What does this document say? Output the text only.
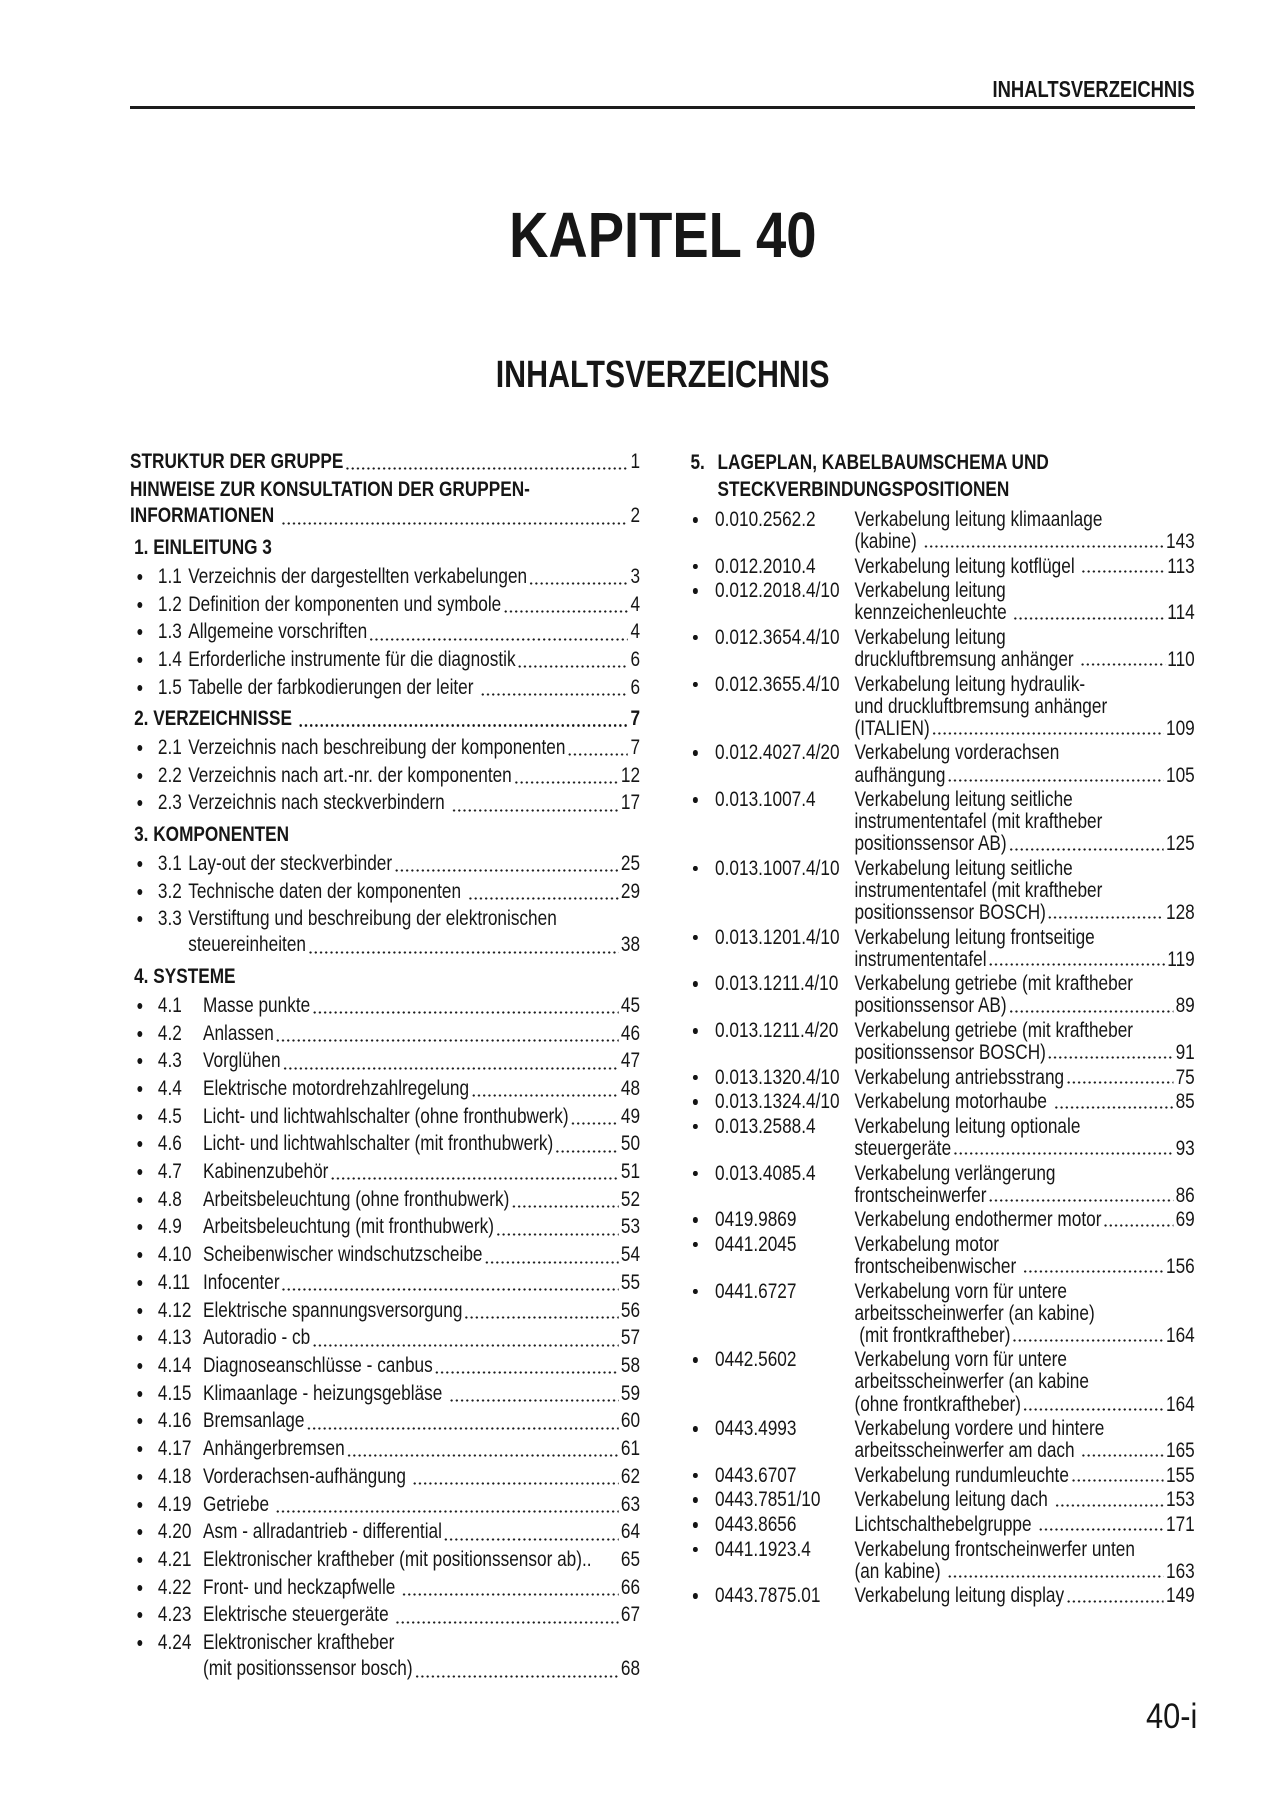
INHALTSVERZEICHNIS
KAPITEL 40
INHALTSVERZEICHNIS
STRUKTUR DER GRUPPE	1
HINWEISE ZUR KONSULTATION DER GRUPPEN-
INFORMATIONEN	2
1. EINLEITUNG 3
1.1 Verzeichnis der dargestellten verkabelungen	3
1.2 Definition der komponenten und symbole	4
1.3 Allgemeine vorschriften	4
1.4 Erforderliche instrumente für die diagnostik	6
1.5 Tabelle der farbkodierungen der leiter	6
2. VERZEICHNISSE	7
2.1 Verzeichnis nach beschreibung der komponenten	7
2.2 Verzeichnis nach art.-nr. der komponenten	12
2.3 Verzeichnis nach steckverbindern	17
3. KOMPONENTEN
3.1 Lay-out der steckverbinder	25
3.2 Technische daten der komponenten	29
3.3 Verstiftung und beschreibung der elektronischen
steuereinheiten	38
4. SYSTEME
4.1	Masse punkte	45
4.2	Anlassen	46
4.3	Vorglühen	47
4.4	Elektrische motordrehzahlregelung	48
4.5	Licht- und lichtwahlschalter (ohne fronthubwerk) 49
4.6	Licht- und lichtwahlschalter (mit fronthubwerk)	50
4.7	Kabinenzubehör	51
4.8	Arbeitsbeleuchtung (ohne fronthubwerk)	52
4.9	Arbeitsbeleuchtung (mit fronthubwerk)	53
4.10 Scheibenwischer windschutzscheibe	54
4.11 Infocenter	55
4.12 Elektrische spannungsversorgung	56
4.13 Autoradio - cb	57
4.14 Diagnoseanschlüsse - canbus	58
4.15 Klimaanlage - heizungsgebläse	59
4.16 Bremsanlage	60
4.17 Anhängerbremsen	61
4.18 Vorderachsen-aufhängung	62
4.19 Getriebe	63
4.20 Asm - allradantrieb - differential	64
4.21 Elektronischer kraftheber (mit positionssensor ab).. 65
4.22 Front- und heckzapfwelle	66
4.23 Elektrische steuergeräte	67
4.24 Elektronischer kraftheber
(mit positionssensor bosch)	68
5. LAGEPLAN, KABELBAUMSCHEMA UND
STECKVERBINDUNGSPOSITIONEN
0.010.2562.2	Verkabelung leitung klimaanlage
(kabine)	143
0.012.2010.4	Verkabelung leitung kotflügel	113
0.012.2018.4/10 Verkabelung leitung
kennzeichenleuchte	114
0.012.3654.4/10 Verkabelung leitung
druckluftbremsung anhänger	110
0.012.3655.4/10 Verkabelung leitung hydraulik-
und druckluftbremsung anhänger
(ITALIEN)	109
0.012.4027.4/20 Verkabelung vorderachsen
aufhängung	105
0.013.1007.4	Verkabelung leitung seitliche
instrumententafel (mit kraftheber
positionssensor AB)	125
0.013.1007.4/10 Verkabelung leitung seitliche
instrumententafel (mit kraftheber
positionssensor BOSCH)	128
0.013.1201.4/10 Verkabelung leitung frontseitige
instrumententafel	119
0.013.1211.4/10 Verkabelung getriebe (mit kraftheber
positionssensor AB)	89
0.013.1211.4/20 Verkabelung getriebe (mit kraftheber
positionssensor BOSCH)	91
0.013.1320.4/10 Verkabelung antriebsstrang	75
0.013.1324.4/10 Verkabelung motorhaube	85
0.013.2588.4	Verkabelung leitung optionale
steuergeräte	93
0.013.4085.4	Verkabelung verlängerung
frontscheinwerfer	86
0419.9869	Verkabelung endothermer motor	69
0441.2045	Verkabelung motor
frontscheibenwischer	156
0441.6727	Verkabelung vorn für untere
arbeitsscheinwerfer (an kabine)
(mit frontkraftheber)	164
0442.5602	Verkabelung vorn für untere
arbeitsscheinwerfer (an kabine
(ohne frontkraftheber)	164
0443.4993	Verkabelung vordere und hintere
arbeitsscheinwerfer am dach	165
0443.6707	Verkabelung rundumleuchte	155
0443.7851/10	Verkabelung leitung dach	153
0443.8656	Lichtschalthebelgruppe	171
0441.1923.4	Verkabelung frontscheinwerfer unten
(an kabine)	163
0443.7875.01	Verkabelung leitung display	149
40-i
